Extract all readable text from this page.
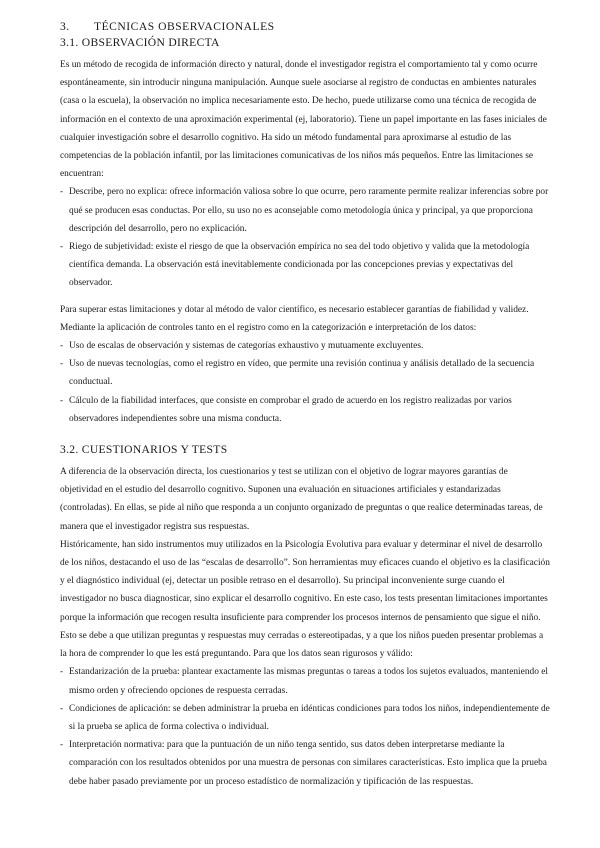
3. TÉCNICAS OBSERVACIONALES
3.1. OBSERVACIÓN DIRECTA

Es un método de recogida de información directo y natural, donde el investigador registra el comportamiento tal y como ocurre espontáneamente, sin introducir ninguna manipulación. Aunque suele asociarse al registro de conductas en ambientes naturales (casa o la escuela), la observación no implica necesariamente esto. De hecho, puede utilizarse como una técnica de recogida de información en el contexto de una aproximación experimental (ej, laboratorio). Tiene un papel importante en las fases iniciales de cualquier investigación sobre el desarrollo cognitivo. Ha sido un método fundamental para aproximarse al estudio de las competencias de la población infantil, por las limitaciones comunicativas de los niños más pequeños. Entre las limitaciones se encuentran:

- Describe, pero no explica: ofrece información valiosa sobre lo que ocurre, pero raramente permite realizar inferencias sobre por qué se producen esas conductas. Por ello, su uso no es aconsejable como metodología única y principal, ya que proporciona descripción del desarrollo, pero no explicación.
- Riego de subjetividad: existe el riesgo de que la observación empírica no sea del todo objetivo y valida que la metodología científica demanda. La observación está inevitablemente condicionada por las concepciones previas y expectativas del observador.

Para superar estas limitaciones y dotar al método de valor científico, es necesario establecer garantías de fiabilidad y validez. Mediante la aplicación de controles tanto en el registro como en la categorización e interpretación de los datos:

- Uso de escalas de observación y sistemas de categorías exhaustivo y mutuamente excluyentes.
- Uso de nuevas tecnologías, como el registro en vídeo, que permite una revisión continua y análisis detallado de la secuencia conductual.
- Cálculo de la fiabilidad interfaces, que consiste en comprobar el grado de acuerdo en los registro realizadas por varios observadores independientes sobre una misma conducta.
3.2. CUESTIONARIOS Y TESTS

A diferencia de la observación directa, los cuestionarios y test se utilizan con el objetivo de lograr mayores garantías de objetividad en el estudio del desarrollo cognitivo. Suponen una evaluación en situaciones artificiales y estandarizadas (controladas). En ellas, se pide al niño que responda a un conjunto organizado de preguntas o que realice determinadas tareas, de manera que el investigador registra sus respuestas.

Históricamente, han sido instrumentos muy utilizados en la Psicología Evolutiva para evaluar y determinar el nivel de desarrollo de los niños, destacando el uso de las “escalas de desarrollo”. Son herramientas muy eficaces cuando el objetivo es la clasificación y el diagnóstico individual (ej, detectar un posible retraso en el desarrollo). Su principal inconveniente surge cuando el investigador no busca diagnosticar, sino explicar el desarrollo cognitivo. En este caso, los tests presentan limitaciones importantes porque la información que recogen resulta insuficiente para comprender los procesos internos de pensamiento que sigue el niño. Esto se debe a que utilizan preguntas y respuestas muy cerradas o estereotipadas, y a que los niños pueden presentar problemas a la hora de comprender lo que les está preguntando. Para que los datos sean rigurosos y válido:

- Estandarización de la prueba: plantear exactamente las mismas preguntas o tareas a todos los sujetos evaluados, manteniendo el mismo orden y ofreciendo opciones de respuesta cerradas.
- Condiciones de aplicación: se deben administrar la prueba en idénticas condiciones para todos los niños, independientemente de si la prueba se aplica de forma colectiva o individual.
- Interpretación normativa: para que la puntuación de un niño tenga sentido, sus datos deben interpretarse mediante la comparación con los resultados obtenidos por una muestra de personas con similares características. Esto implica que la prueba debe haber pasado previamente por un proceso estadístico de normalización y tipificación de las respuestas.
